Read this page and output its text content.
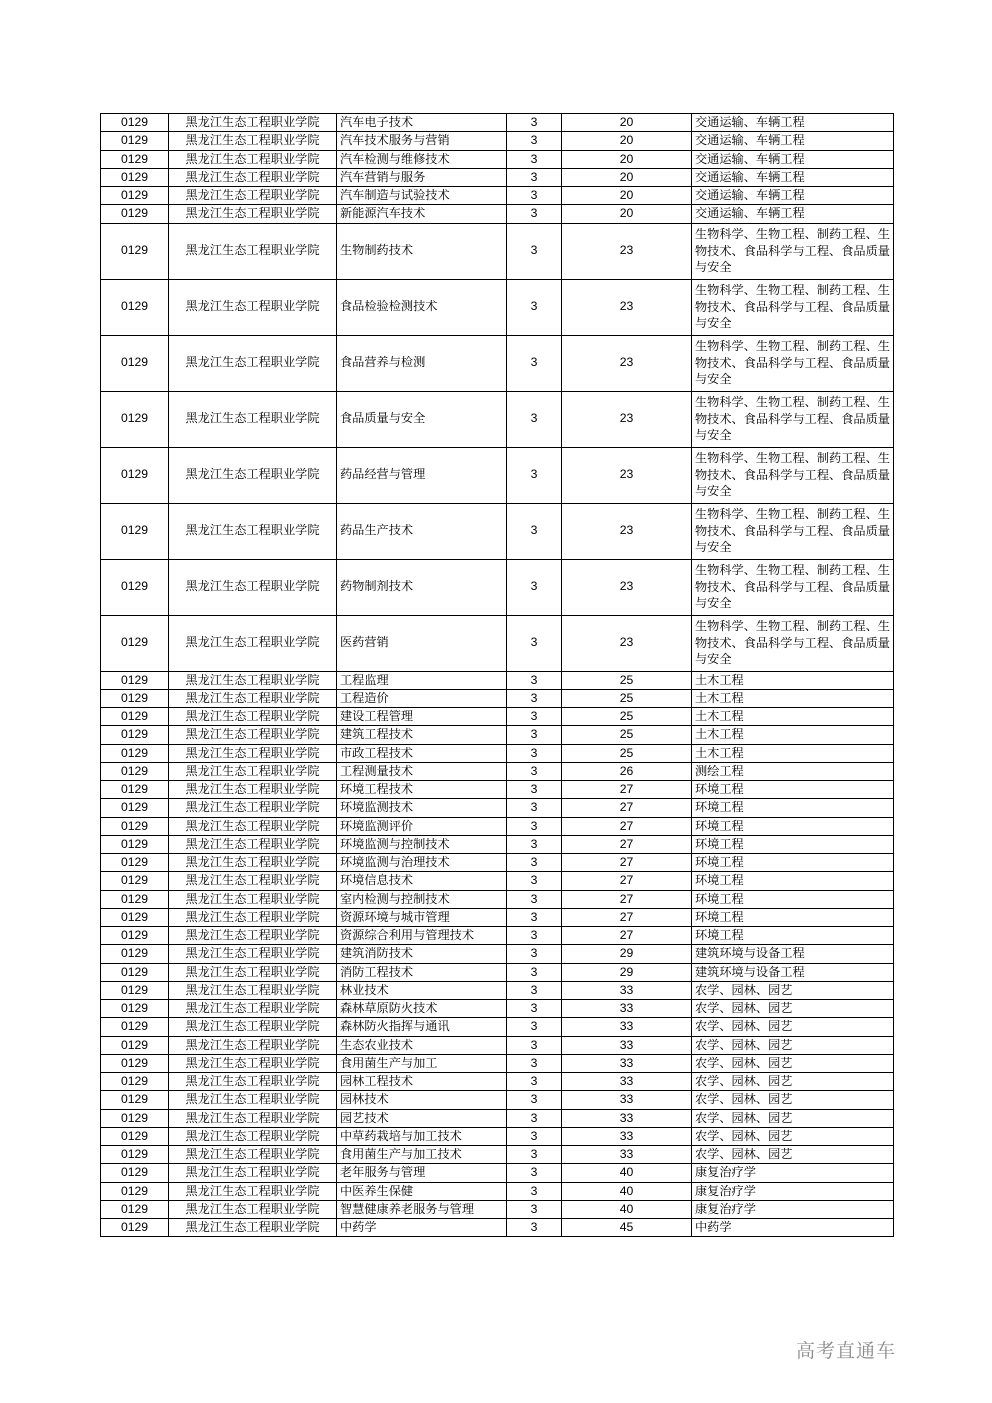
0129	黑龙江生态工程职业学院	汽车电子技术	3	20	交通运输、车辆工程
0129	黑龙江生态工程职业学院	汽车技术服务与营销	3	20	交通运输、车辆工程
0129	黑龙江生态工程职业学院	汽车检测与维修技术	3	20	交通运输、车辆工程
0129	黑龙江生态工程职业学院	汽车营销与服务	3	20	交通运输、车辆工程
0129	黑龙江生态工程职业学院	汽车制造与试验技术	3	20	交通运输、车辆工程
0129	黑龙江生态工程职业学院	新能源汽车技术	3	20	交通运输、车辆工程
0129	黑龙江生态工程职业学院	生物制药技术	3	23	生物科学、生物工程、制药工程、生物技术、食品科学与工程、食品质量与安全
0129	黑龙江生态工程职业学院	食品检验检测技术	3	23	生物科学、生物工程、制药工程、生物技术、食品科学与工程、食品质量与安全
0129	黑龙江生态工程职业学院	食品营养与检测	3	23	生物科学、生物工程、制药工程、生物技术、食品科学与工程、食品质量与安全
0129	黑龙江生态工程职业学院	食品质量与安全	3	23	生物科学、生物工程、制药工程、生物技术、食品科学与工程、食品质量与安全
0129	黑龙江生态工程职业学院	药品经营与管理	3	23	生物科学、生物工程、制药工程、生物技术、食品科学与工程、食品质量与安全
0129	黑龙江生态工程职业学院	药品生产技术	3	23	生物科学、生物工程、制药工程、生物技术、食品科学与工程、食品质量与安全
0129	黑龙江生态工程职业学院	药物制剂技术	3	23	生物科学、生物工程、制药工程、生物技术、食品科学与工程、食品质量与安全
0129	黑龙江生态工程职业学院	医药营销	3	23	生物科学、生物工程、制药工程、生物技术、食品科学与工程、食品质量与安全
0129	黑龙江生态工程职业学院	工程监理	3	25	土木工程
0129	黑龙江生态工程职业学院	工程造价	3	25	土木工程
0129	黑龙江生态工程职业学院	建设工程管理	3	25	土木工程
0129	黑龙江生态工程职业学院	建筑工程技术	3	25	土木工程
0129	黑龙江生态工程职业学院	市政工程技术	3	25	土木工程
0129	黑龙江生态工程职业学院	工程测量技术	3	26	测绘工程
0129	黑龙江生态工程职业学院	环境工程技术	3	27	环境工程
0129	黑龙江生态工程职业学院	环境监测技术	3	27	环境工程
0129	黑龙江生态工程职业学院	环境监测评价	3	27	环境工程
0129	黑龙江生态工程职业学院	环境监测与控制技术	3	27	环境工程
0129	黑龙江生态工程职业学院	环境监测与治理技术	3	27	环境工程
0129	黑龙江生态工程职业学院	环境信息技术	3	27	环境工程
0129	黑龙江生态工程职业学院	室内检测与控制技术	3	27	环境工程
0129	黑龙江生态工程职业学院	资源环境与城市管理	3	27	环境工程
0129	黑龙江生态工程职业学院	资源综合利用与管理技术	3	27	环境工程
0129	黑龙江生态工程职业学院	建筑消防技术	3	29	建筑环境与设备工程
0129	黑龙江生态工程职业学院	消防工程技术	3	29	建筑环境与设备工程
0129	黑龙江生态工程职业学院	林业技术	3	33	农学、园林、园艺
0129	黑龙江生态工程职业学院	森林草原防火技术	3	33	农学、园林、园艺
0129	黑龙江生态工程职业学院	森林防火指挥与通讯	3	33	农学、园林、园艺
0129	黑龙江生态工程职业学院	生态农业技术	3	33	农学、园林、园艺
0129	黑龙江生态工程职业学院	食用菌生产与加工	3	33	农学、园林、园艺
0129	黑龙江生态工程职业学院	园林工程技术	3	33	农学、园林、园艺
0129	黑龙江生态工程职业学院	园林技术	3	33	农学、园林、园艺
0129	黑龙江生态工程职业学院	园艺技术	3	33	农学、园林、园艺
0129	黑龙江生态工程职业学院	中草药栽培与加工技术	3	33	农学、园林、园艺
0129	黑龙江生态工程职业学院	食用菌生产与加工技术	3	33	农学、园林、园艺
0129	黑龙江生态工程职业学院	老年服务与管理	3	40	康复治疗学
0129	黑龙江生态工程职业学院	中医养生保健	3	40	康复治疗学
0129	黑龙江生态工程职业学院	智慧健康养老服务与管理	3	40	康复治疗学
0129	黑龙江生态工程职业学院	中药学	3	45	中药学
高考直通车
